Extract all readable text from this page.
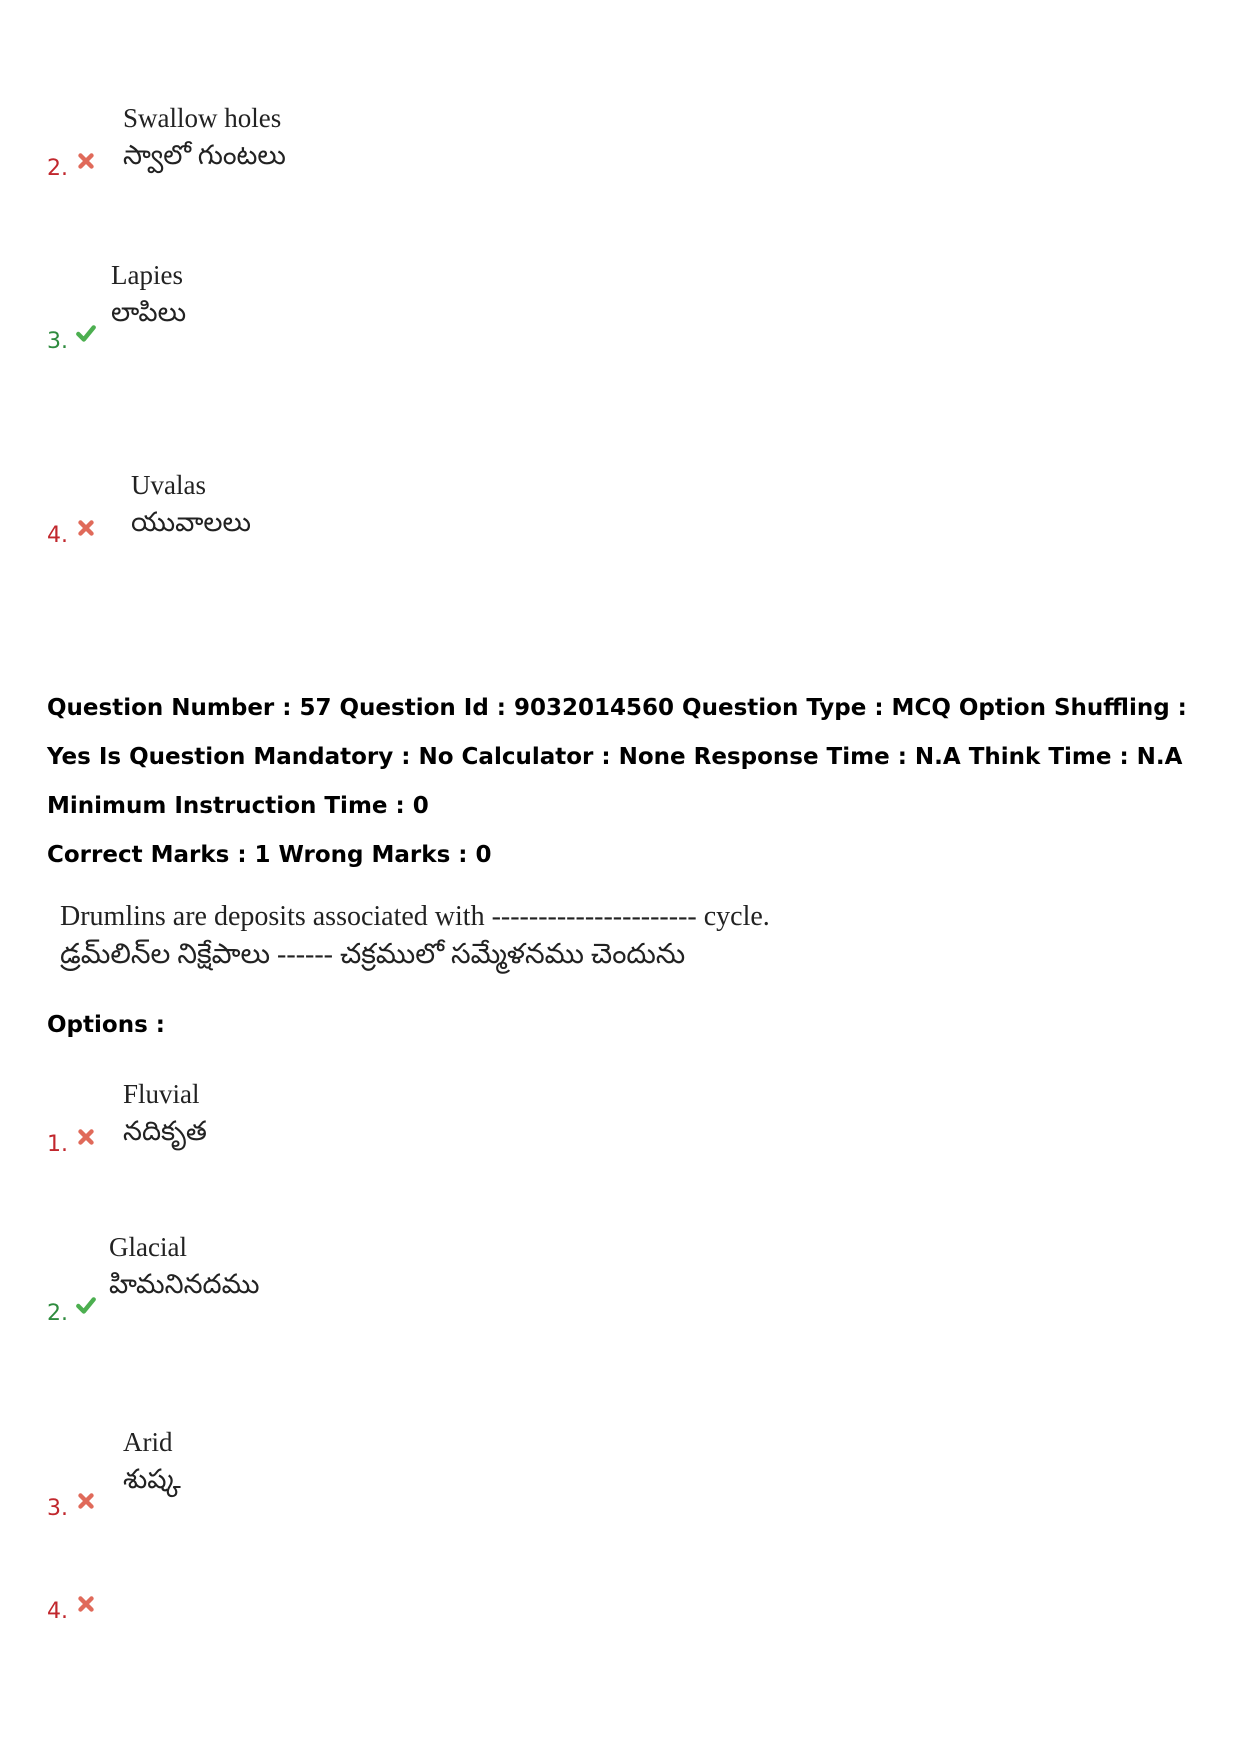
2.
Swallow holes
స్వాలో గుంటలు
3.
Lapies
లాపిలు
4.
Uvalas
యువాలలు
Question Number : 57 Question Id : 9032014560 Question Type : MCQ Option Shuffling : Yes Is Question Mandatory : No Calculator : None Response Time : N.A Think Time : N.A Minimum Instruction Time : 0
Correct Marks : 1 Wrong Marks : 0
Drumlins are deposits associated with ---------------------- cycle.
డ్రమ్‌లిన్‌ల నిక్షేపాలు ------ చక్రములో సమ్మేళనము చెందును
Options :
1.
Fluvial
నదికృత
2.
Glacial
హిమనినదము
3.
Arid
శుష్క
4.
